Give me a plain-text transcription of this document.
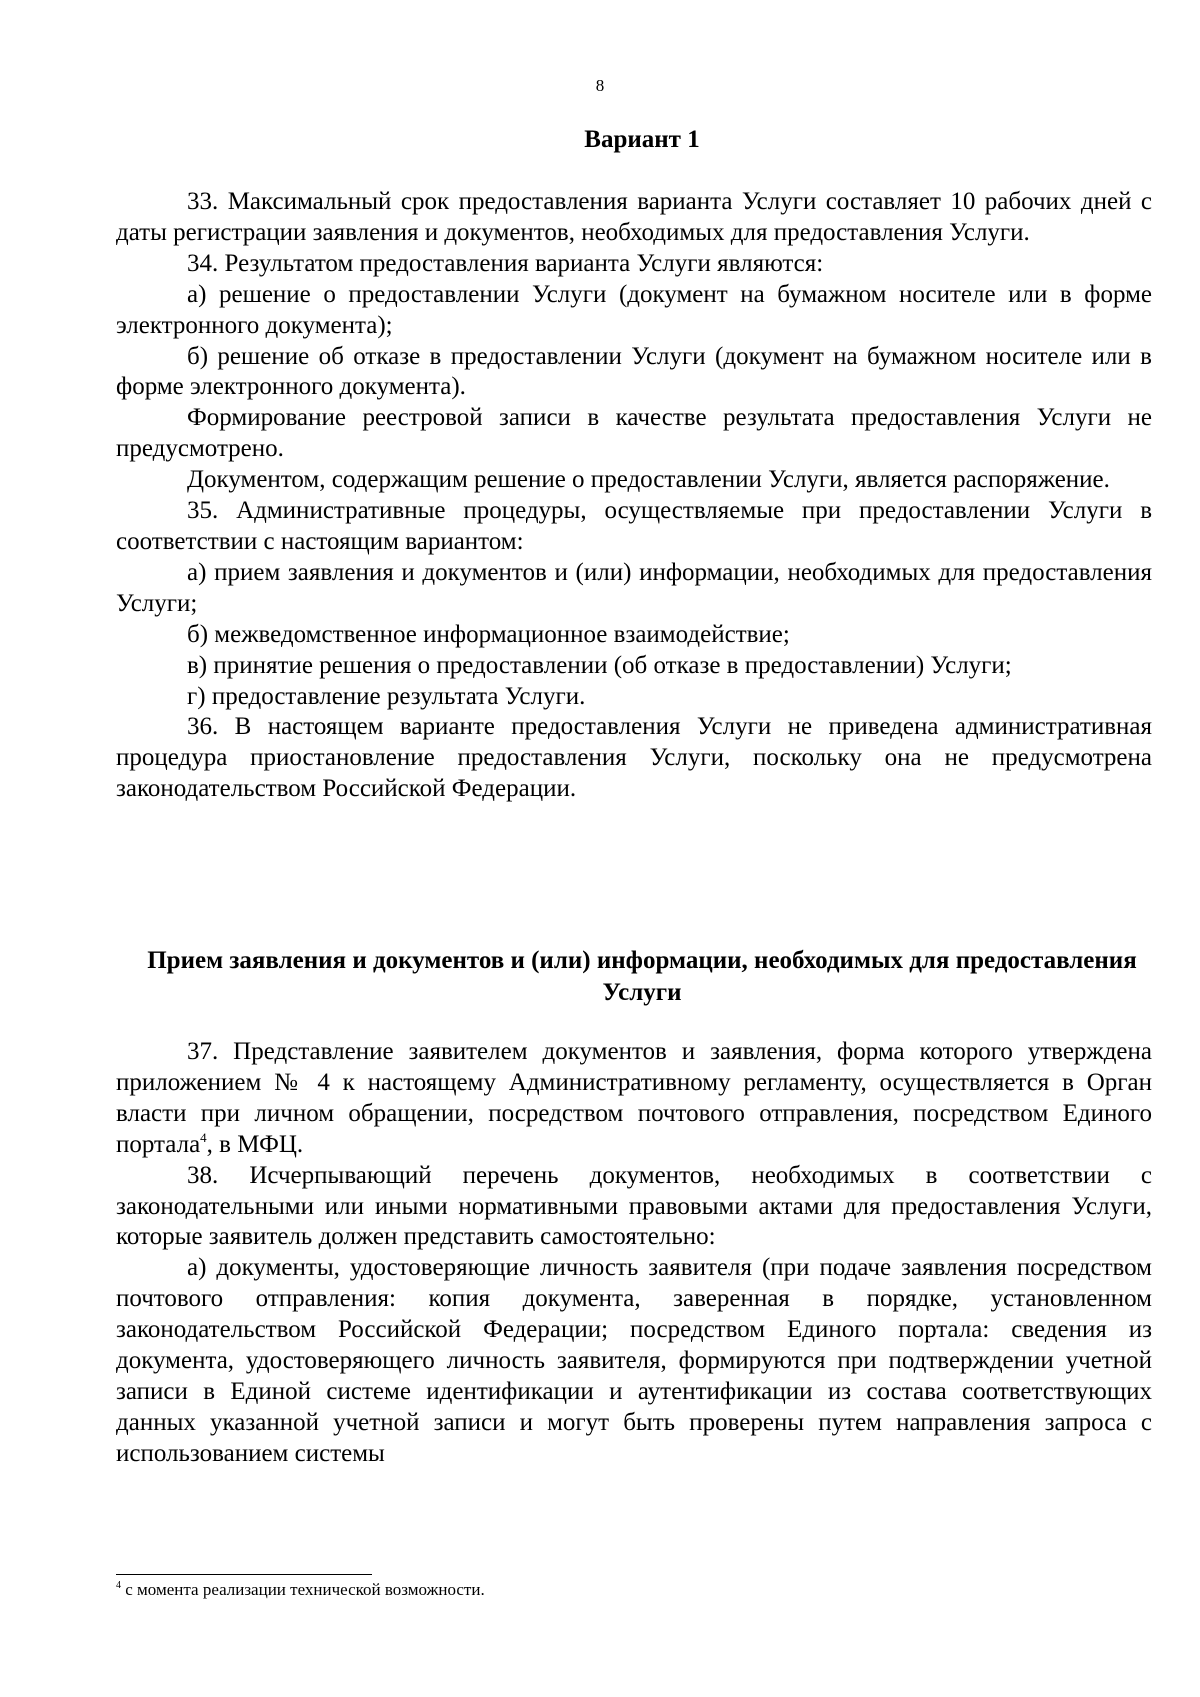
8
Вариант 1

33. Максимальный срок предоставления варианта Услуги составляет 10 рабочих дней с даты регистрации заявления и документов, необходимых для предоставления Услуги.

34. Результатом предоставления варианта Услуги являются:

а) решение о предоставлении Услуги (документ на бумажном носителе или в форме электронного документа);

б) решение об отказе в предоставлении Услуги (документ на бумажном носителе или в форме электронного документа).

Формирование реестровой записи в качестве результата предоставления Услуги не предусмотрено.

Документом, содержащим решение о предоставлении Услуги, является распоряжение.

35. Административные процедуры, осуществляемые при предоставлении Услуги в соответствии с настоящим вариантом:

а) прием заявления и документов и (или) информации, необходимых для предоставления Услуги;

б) межведомственное информационное взаимодействие;

в) принятие решения о предоставлении (об отказе в предоставлении) Услуги;

г) предоставление результата Услуги.

36. В настоящем варианте предоставления Услуги не приведена административная процедура приостановление предоставления Услуги, поскольку она не предусмотрена законодательством Российской Федерации.

Прием заявления и документов и (или) информации, необходимых для предоставления Услуги

37. Представление заявителем документов и заявления, форма которого утверждена приложением № 4 к настоящему Административному регламенту, осуществляется в Орган власти при личном обращении, посредством почтового отправления, посредством Единого портала$^4$, в МФЦ.

38. Исчерпывающий перечень документов, необходимых в соответствии с законодательными или иными нормативными правовыми актами для предоставления Услуги, которые заявитель должен представить самостоятельно:

а) документы, удостоверяющие личность заявителя (при подаче заявления посредством почтового отправления: копия документа, заверенная в порядке, установленном законодательством Российской Федерации; посредством Единого портала: сведения из документа, удостоверяющего личность заявителя, формируются при подтверждении учетной записи в Единой системе идентификации и аутентификации из состава соответствующих данных указанной учетной записи и могут быть проверены путем направления запроса с использованием системы

$^4$ с момента реализации технической возможности.
